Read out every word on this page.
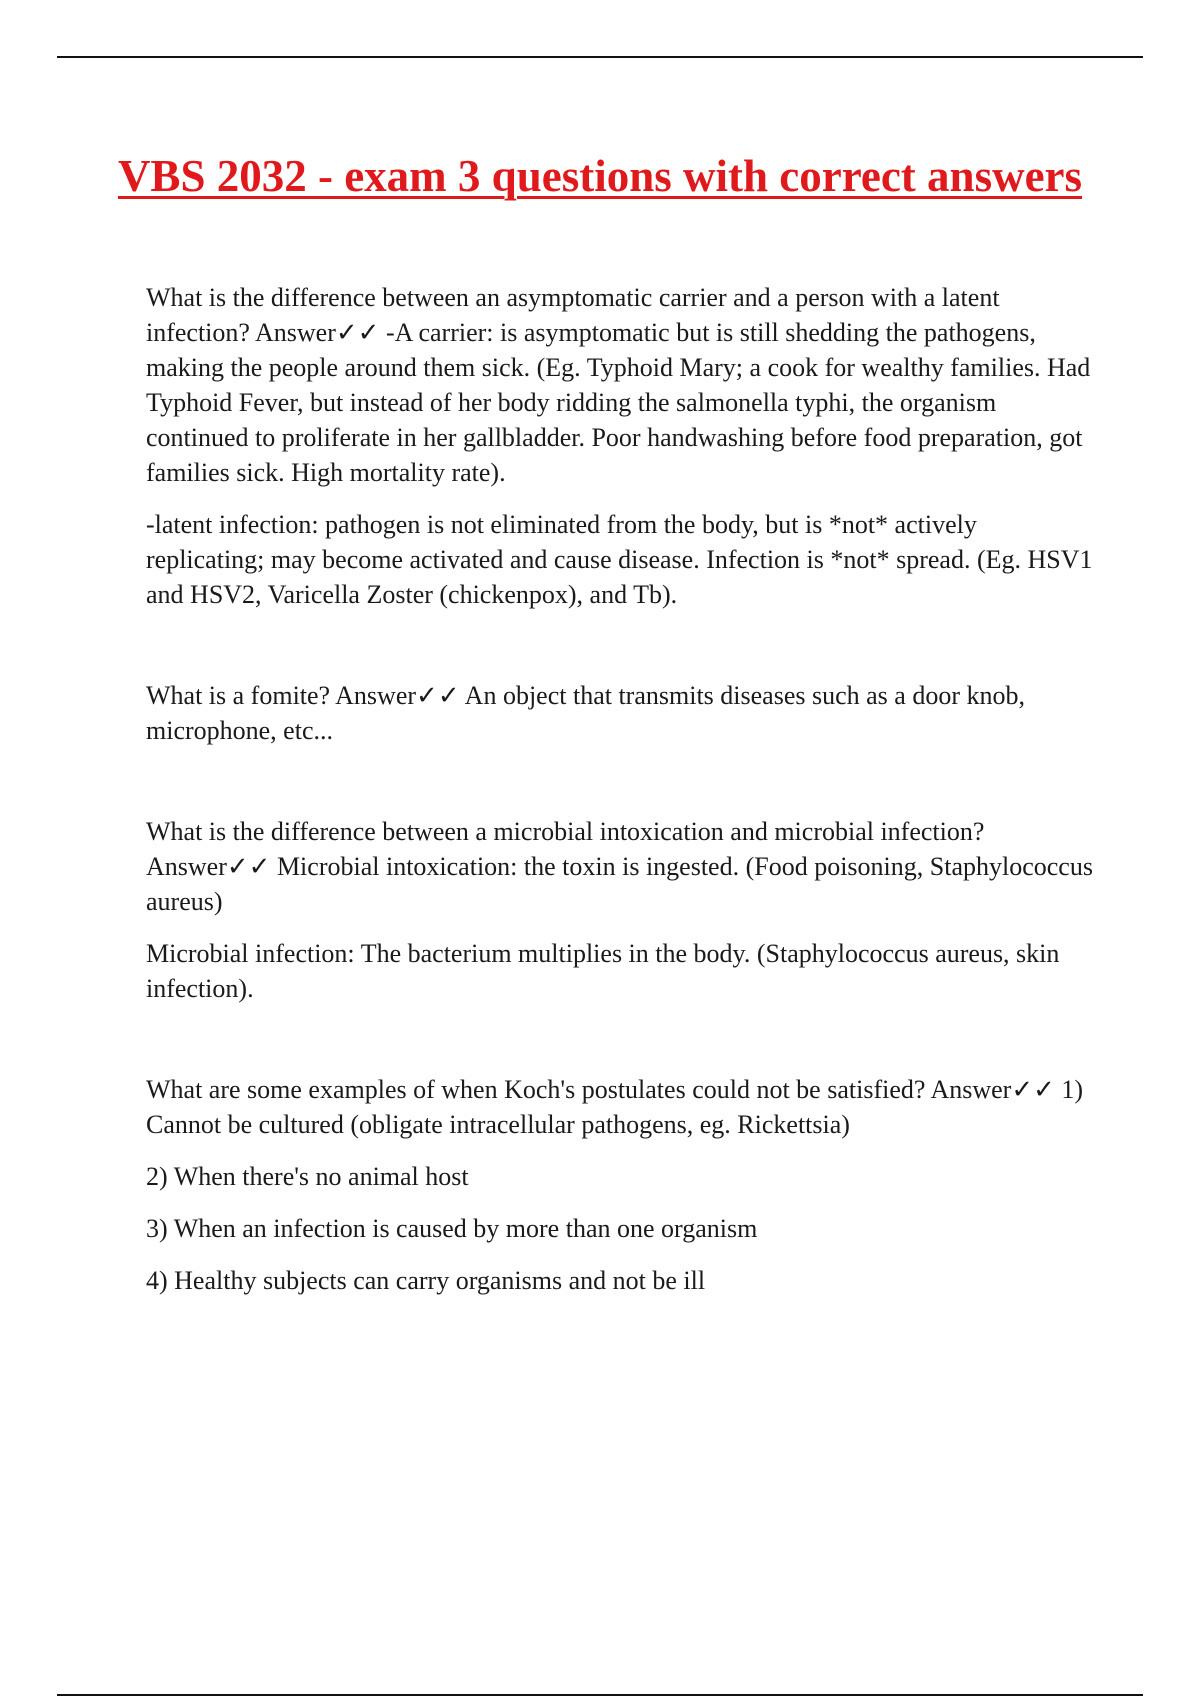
VBS 2032 - exam 3 questions with correct answers

What is the difference between an asymptomatic carrier and a person with a latent infection? Answer✓✓ -A carrier: is asymptomatic but is still shedding the pathogens, making the people around them sick. (Eg. Typhoid Mary; a cook for wealthy families. Had Typhoid Fever, but instead of her body ridding the salmonella typhi, the organism continued to proliferate in her gallbladder. Poor handwashing before food preparation, got families sick. High mortality rate).

-latent infection: pathogen is not eliminated from the body, but is *not* actively replicating; may become activated and cause disease. Infection is *not* spread. (Eg. HSV1 and HSV2, Varicella Zoster (chickenpox), and Tb).

What is a fomite? Answer✓✓ An object that transmits diseases such as a door knob, microphone, etc...

What is the difference between a microbial intoxication and microbial infection? Answer✓✓ Microbial intoxication: the toxin is ingested. (Food poisoning, Staphylococcus aureus)

Microbial infection: The bacterium multiplies in the body. (Staphylococcus aureus, skin infection).

What are some examples of when Koch's postulates could not be satisfied? Answer✓✓ 1) Cannot be cultured (obligate intracellular pathogens, eg. Rickettsia)

2) When there's no animal host

3) When an infection is caused by more than one organism

4) Healthy subjects can carry organisms and not be ill
